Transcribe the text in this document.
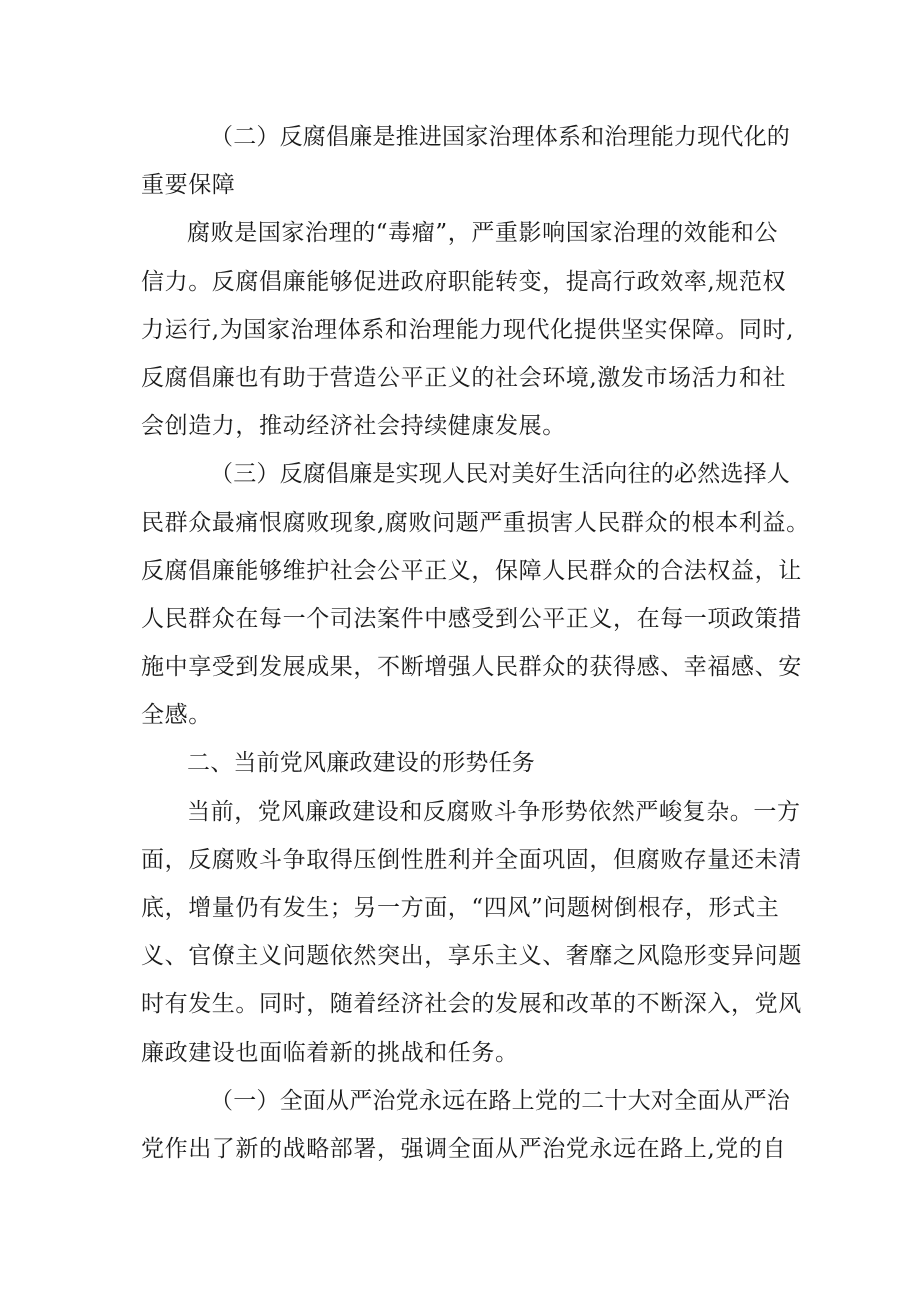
（二）反腐倡廉是推进国家治理体系和治理能力现代化的
重要保障
腐败是国家治理的“毒瘤”，严重影响国家治理的效能和公
信力。反腐倡廉能够促进政府职能转变，提高行政效率,规范权
力运行,为国家治理体系和治理能力现代化提供坚实保障。同时,
反腐倡廉也有助于营造公平正义的社会环境,激发市场活力和社
会创造力，推动经济社会持续健康发展。
（三）反腐倡廉是实现人民对美好生活向往的必然选择人
民群众最痛恨腐败现象,腐败问题严重损害人民群众的根本利益。
反腐倡廉能够维护社会公平正义，保障人民群众的合法权益，让
人民群众在每一个司法案件中感受到公平正义，在每一项政策措
施中享受到发展成果，不断增强人民群众的获得感、幸福感、安
全感。
二、当前党风廉政建设的形势任务
当前，党风廉政建设和反腐败斗争形势依然严峻复杂。一方
面，反腐败斗争取得压倒性胜利并全面巩固，但腐败存量还未清
底，增量仍有发生；另一方面，“四风”问题树倒根存，形式主
义、官僚主义问题依然突出，享乐主义、奢靡之风隐形变异问题
时有发生。同时，随着经济社会的发展和改革的不断深入，党风
廉政建设也面临着新的挑战和任务。
（一）全面从严治党永远在路上党的二十大对全面从严治
党作出了新的战略部署，强调全面从严治党永远在路上,党的自
